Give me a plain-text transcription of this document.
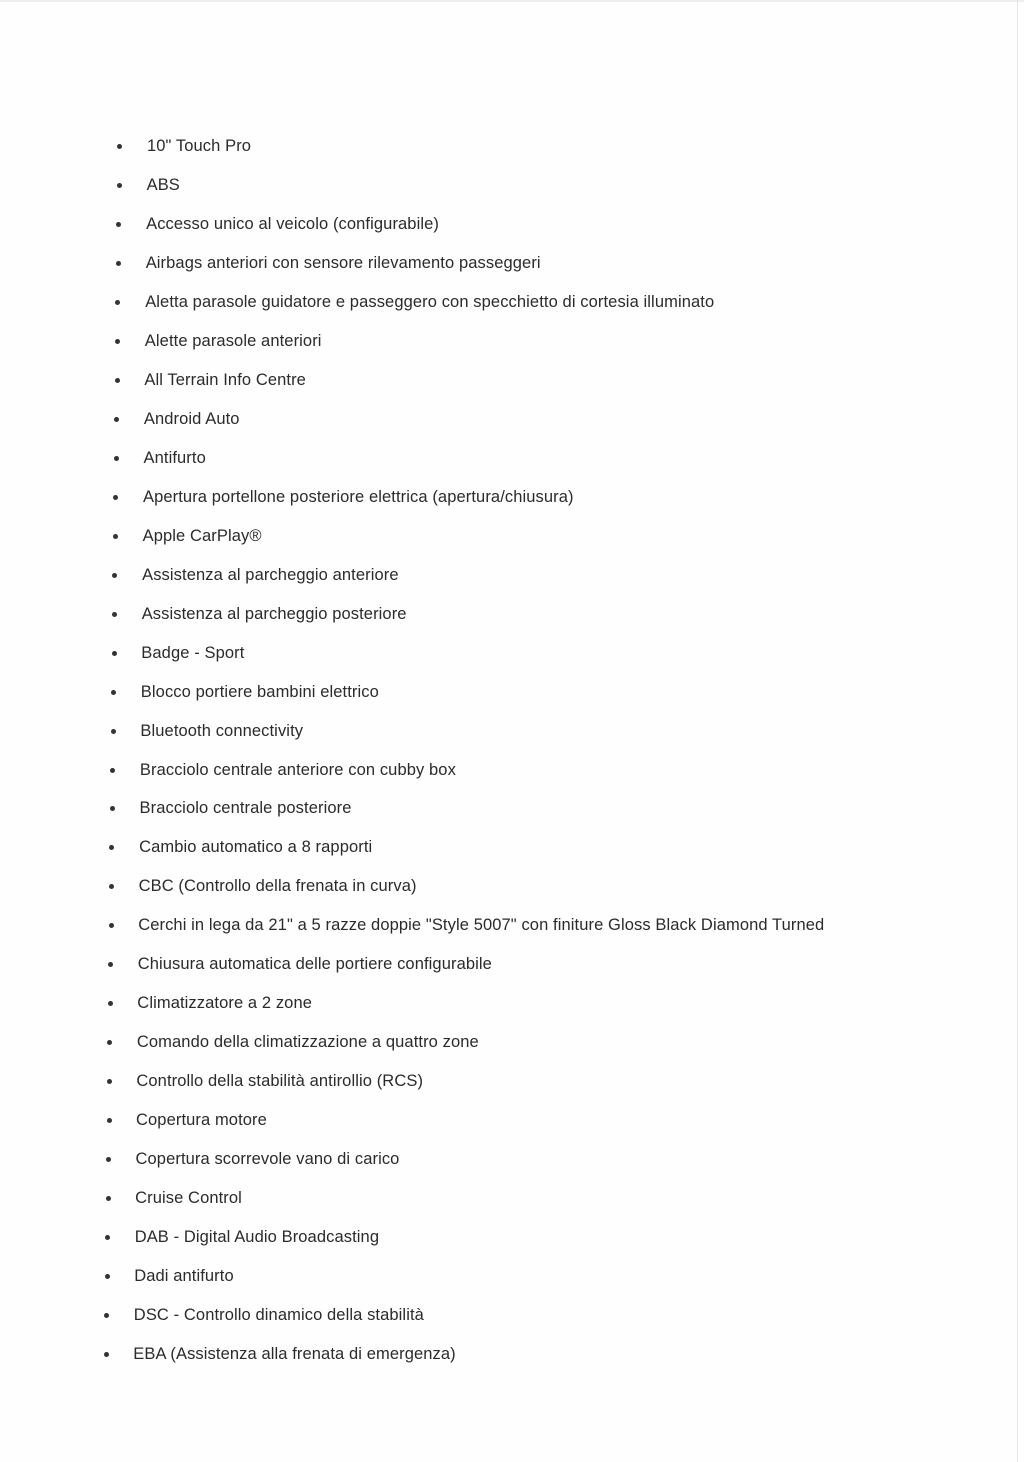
10" Touch Pro
ABS
Accesso unico al veicolo (configurabile)
Airbags anteriori con sensore rilevamento passeggeri
Aletta parasole guidatore e passeggero con specchietto di cortesia illuminato
Alette parasole anteriori
All Terrain Info Centre
Android Auto
Antifurto
Apertura portellone posteriore elettrica (apertura/chiusura)
Apple CarPlay®
Assistenza al parcheggio anteriore
Assistenza al parcheggio posteriore
Badge - Sport
Blocco portiere bambini elettrico
Bluetooth connectivity
Bracciolo centrale anteriore con cubby box
Bracciolo centrale posteriore
Cambio automatico a 8 rapporti
CBC (Controllo della frenata in curva)
Cerchi in lega da 21" a 5 razze doppie "Style 5007" con finiture Gloss Black Diamond Turned
Chiusura automatica delle portiere configurabile
Climatizzatore a 2 zone
Comando della climatizzazione a quattro zone
Controllo della stabilità antirollio (RCS)
Copertura motore
Copertura scorrevole vano di carico
Cruise Control
DAB - Digital Audio Broadcasting
Dadi antifurto
DSC - Controllo dinamico della stabilità
EBA (Assistenza alla frenata di emergenza)
